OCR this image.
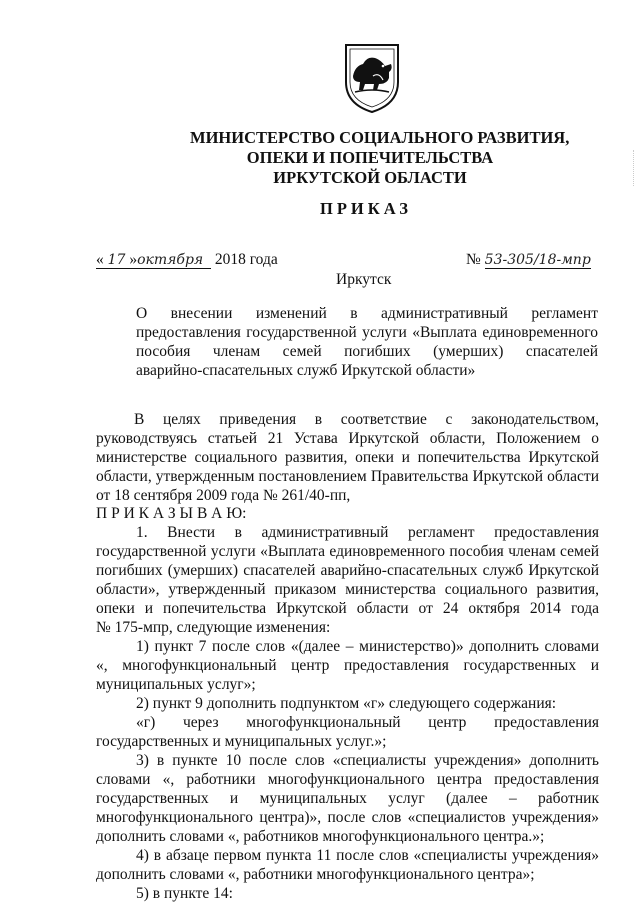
МИНИСТЕРСТВО СОЦИАЛЬНОГО РАЗВИТИЯ,
ОПЕКИ И ПОПЕЧИТЕЛЬСТВА
ИРКУТСКОЙ ОБЛАСТИ
ПРИКАЗ
« 17 »октября 2018 года	№ 53-305/18-мпр
Иркутск
О внесении изменений в административный регламент
предоставления государственной услуги «Выплата единовременного
пособия членам семей погибших (умерших) спасателей
аварийно-спасательных служб Иркутской области»
В целях приведения в соответствие с законодательством,
руководствуясь статьей 21 Устава Иркутской области, Положением о
министерстве социального развития, опеки и попечительства Иркутской
области, утвержденным постановлением Правительства Иркутской области
от 18 сентября 2009 года № 261/40-пп,
П Р И К А З Ы В А Ю:
1. Внести в административный регламент предоставления
государственной услуги «Выплата единовременного пособия членам семей
погибших (умерших) спасателей аварийно-спасательных служб Иркутской
области», утвержденный приказом министерства социального развития,
опеки и попечительства Иркутской области от 24 октября 2014 года
№ 175-мпр, следующие изменения:
1) пункт 7 после слов «(далее – министерство)» дополнить словами
«, многофункциональный центр предоставления государственных и
муниципальных услуг»;
2) пункт 9 дополнить подпунктом «г» следующего содержания:
«г) через многофункциональный центр предоставления
государственных и муниципальных услуг.»;
3) в пункте 10 после слов «специалисты учреждения» дополнить
словами «, работники многофункционального центра предоставления
государственных и муниципальных услуг (далее – работник
многофункционального центра)», после слов «специалистов учреждения»
дополнить словами «, работников многофункционального центра.»;
4) в абзаце первом пункта 11 после слов «специалисты учреждения»
дополнить словами «, работники многофункционального центра»;
5) в пункте 14:
